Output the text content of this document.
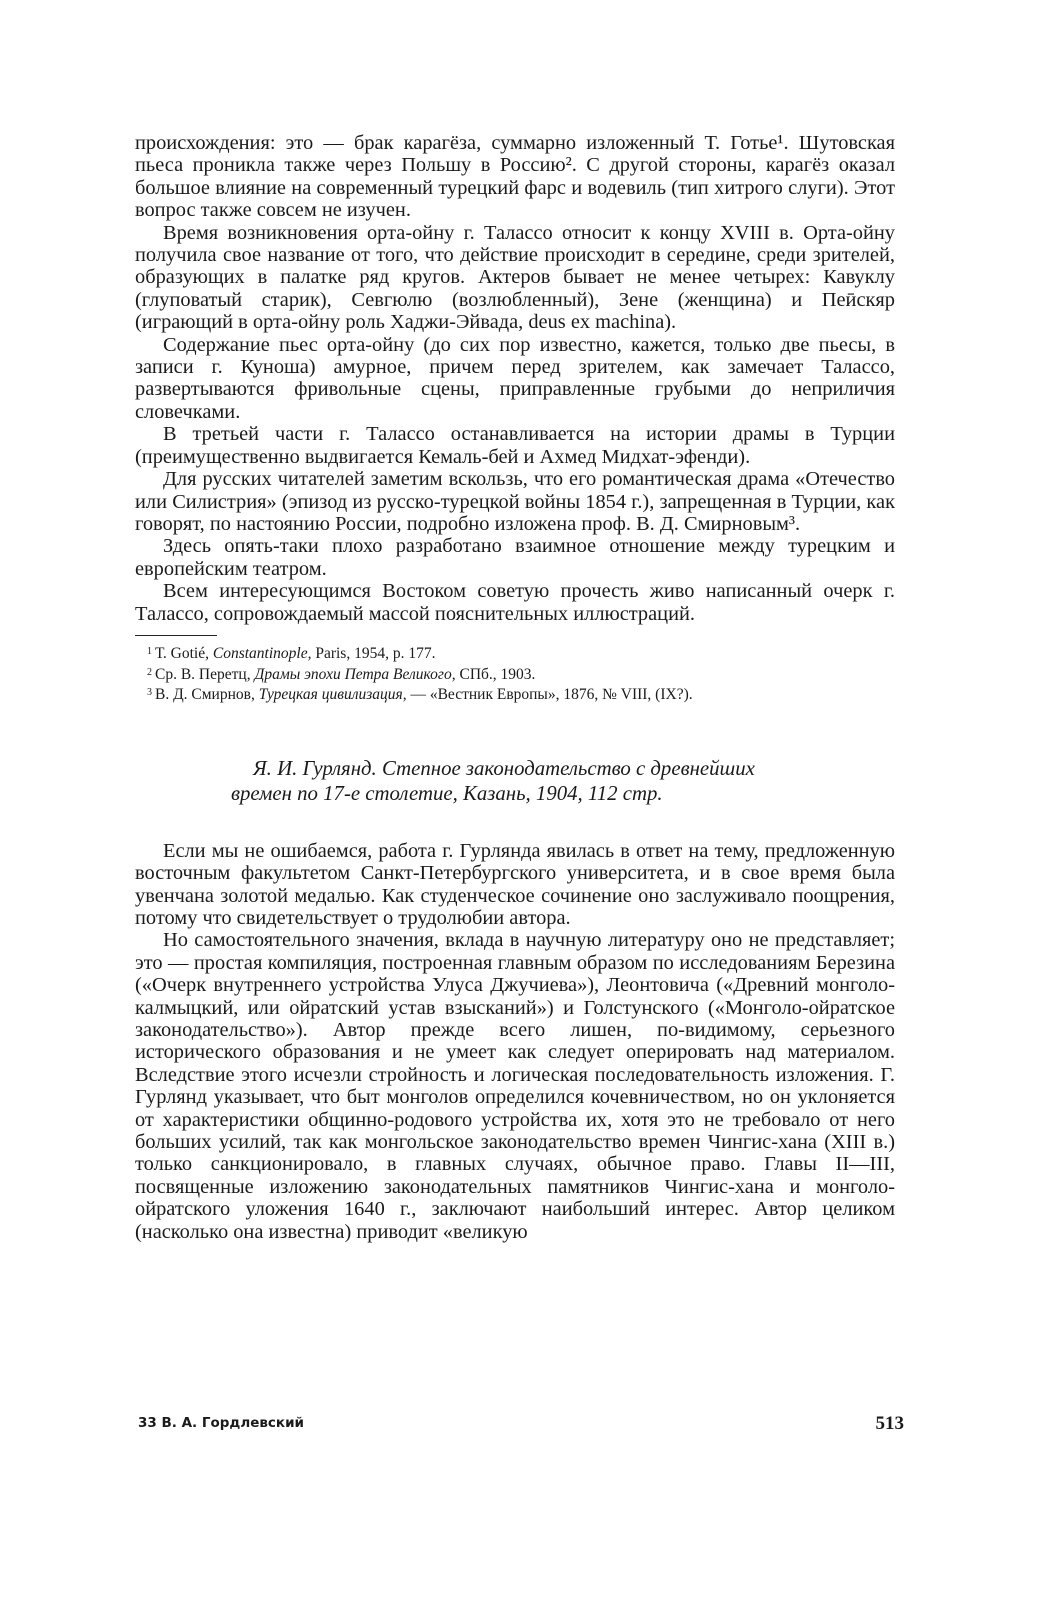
происхождения: это — брак карагёза, суммарно изложенный Т. Готье¹. Шутовская пьеса проникла также через Польшу в Россию². С другой стороны, карагёз оказал большое влияние на современный турецкий фарс и водевиль (тип хитрого слуги). Этот вопрос также совсем не изучен.

Время возникновения орта-ойну г. Талассо относит к концу XVIII в. Орта-ойну получила свое название от того, что действие происходит в середине, среди зрителей, образующих в палатке ряд кругов. Актеров бывает не менее четырех: Кавуклу (глуповатый старик), Севгюлю (возлюбленный), Зене (женщина) и Пеӣскяр (играющий в орта-ойну роль Хаджи-Эйвада, deus ex machina).

Содержание пьес орта-ойну (до сих пор известно, кажется, только две пьесы, в записи г. Куноша) амурное, причем перед зрителем, как замечает Талассо, развертываются фривольные сцены, приправленные грубыми до неприличия словечками.

В третьей части г. Талассо останавливается на истории драмы в Турции (преимущественно выдвигается Кемаль-бей и Ахмед Мидхат-эфенди).

Для русских читателей заметим вскользь, что его романтическая драма «Отечество или Силистрия» (эпизод из русско-турецкой войны 1854 г.), запрещенная в Турции, как говорят, по настоянию России, подробно изложена проф. В. Д. Смирновым³.

Здесь опять-таки плохо разработано взаимное отношение между турецким и европейским театром.

Всем интересующимся Востоком советую прочесть живо написанный очерк г. Талассо, сопровождаемый массой пояснительных иллюстраций.

1 Т. Gotié, Constantinople, Paris, 1954, p. 177.

2 Ср. В. Перетц, Драмы эпохи Петра Великого, СПб., 1903.

3 В. Д. Смирнов, Турецкая цивилизация, — «Вестник Европы», 1876, № VIII, (IX?).

Я. И. Гурлянд. Степное законодательство с древнейших
времен по 17-е столетие, Казань, 1904, 112 стр.

Если мы не ошибаемся, работа г. Гурлянда явилась в ответ на тему, предложенную восточным факультетом Санкт-Петербургского университета, и в свое время была увенчана золотой медалью. Как студенческое сочинение оно заслуживало поощрения, потому что свидетельствует о трудолюбии автора.

Но самостоятельного значения, вклада в научную литературу оно не представляет; это — простая компиляция, построенная главным образом по исследованиям Березина («Очерк внутреннего устройства Улуса Джучиева»), Леонтовича («Древний монголо-калмыцкий, или ойратский устав взысканий») и Голстунского («Монголо-ойратское законодательство»). Автор прежде всего лишен, по-видимому, серьезного исторического образования и не умеет как следует оперировать над материалом. Вследствие этого исчезли стройность и логическая последовательность изложения. Г. Гурлянд указывает, что быт монголов определился кочевничеством, но он уклоняется от характеристики общинно-родового устройства их, хотя это не требовало от него больших усилий, так как монгольское законодательство времен Чингис-хана (XIII в.) только санкционировало, в главных случаях, обычное право. Главы II—III, посвященные изложению законодательных памятников Чингис-хана и монголо-ойратского уложения 1640 г., заключают наибольший интерес. Автор целиком (насколько она известна) приводит «великую

33 В. А. Гордлевский	513
